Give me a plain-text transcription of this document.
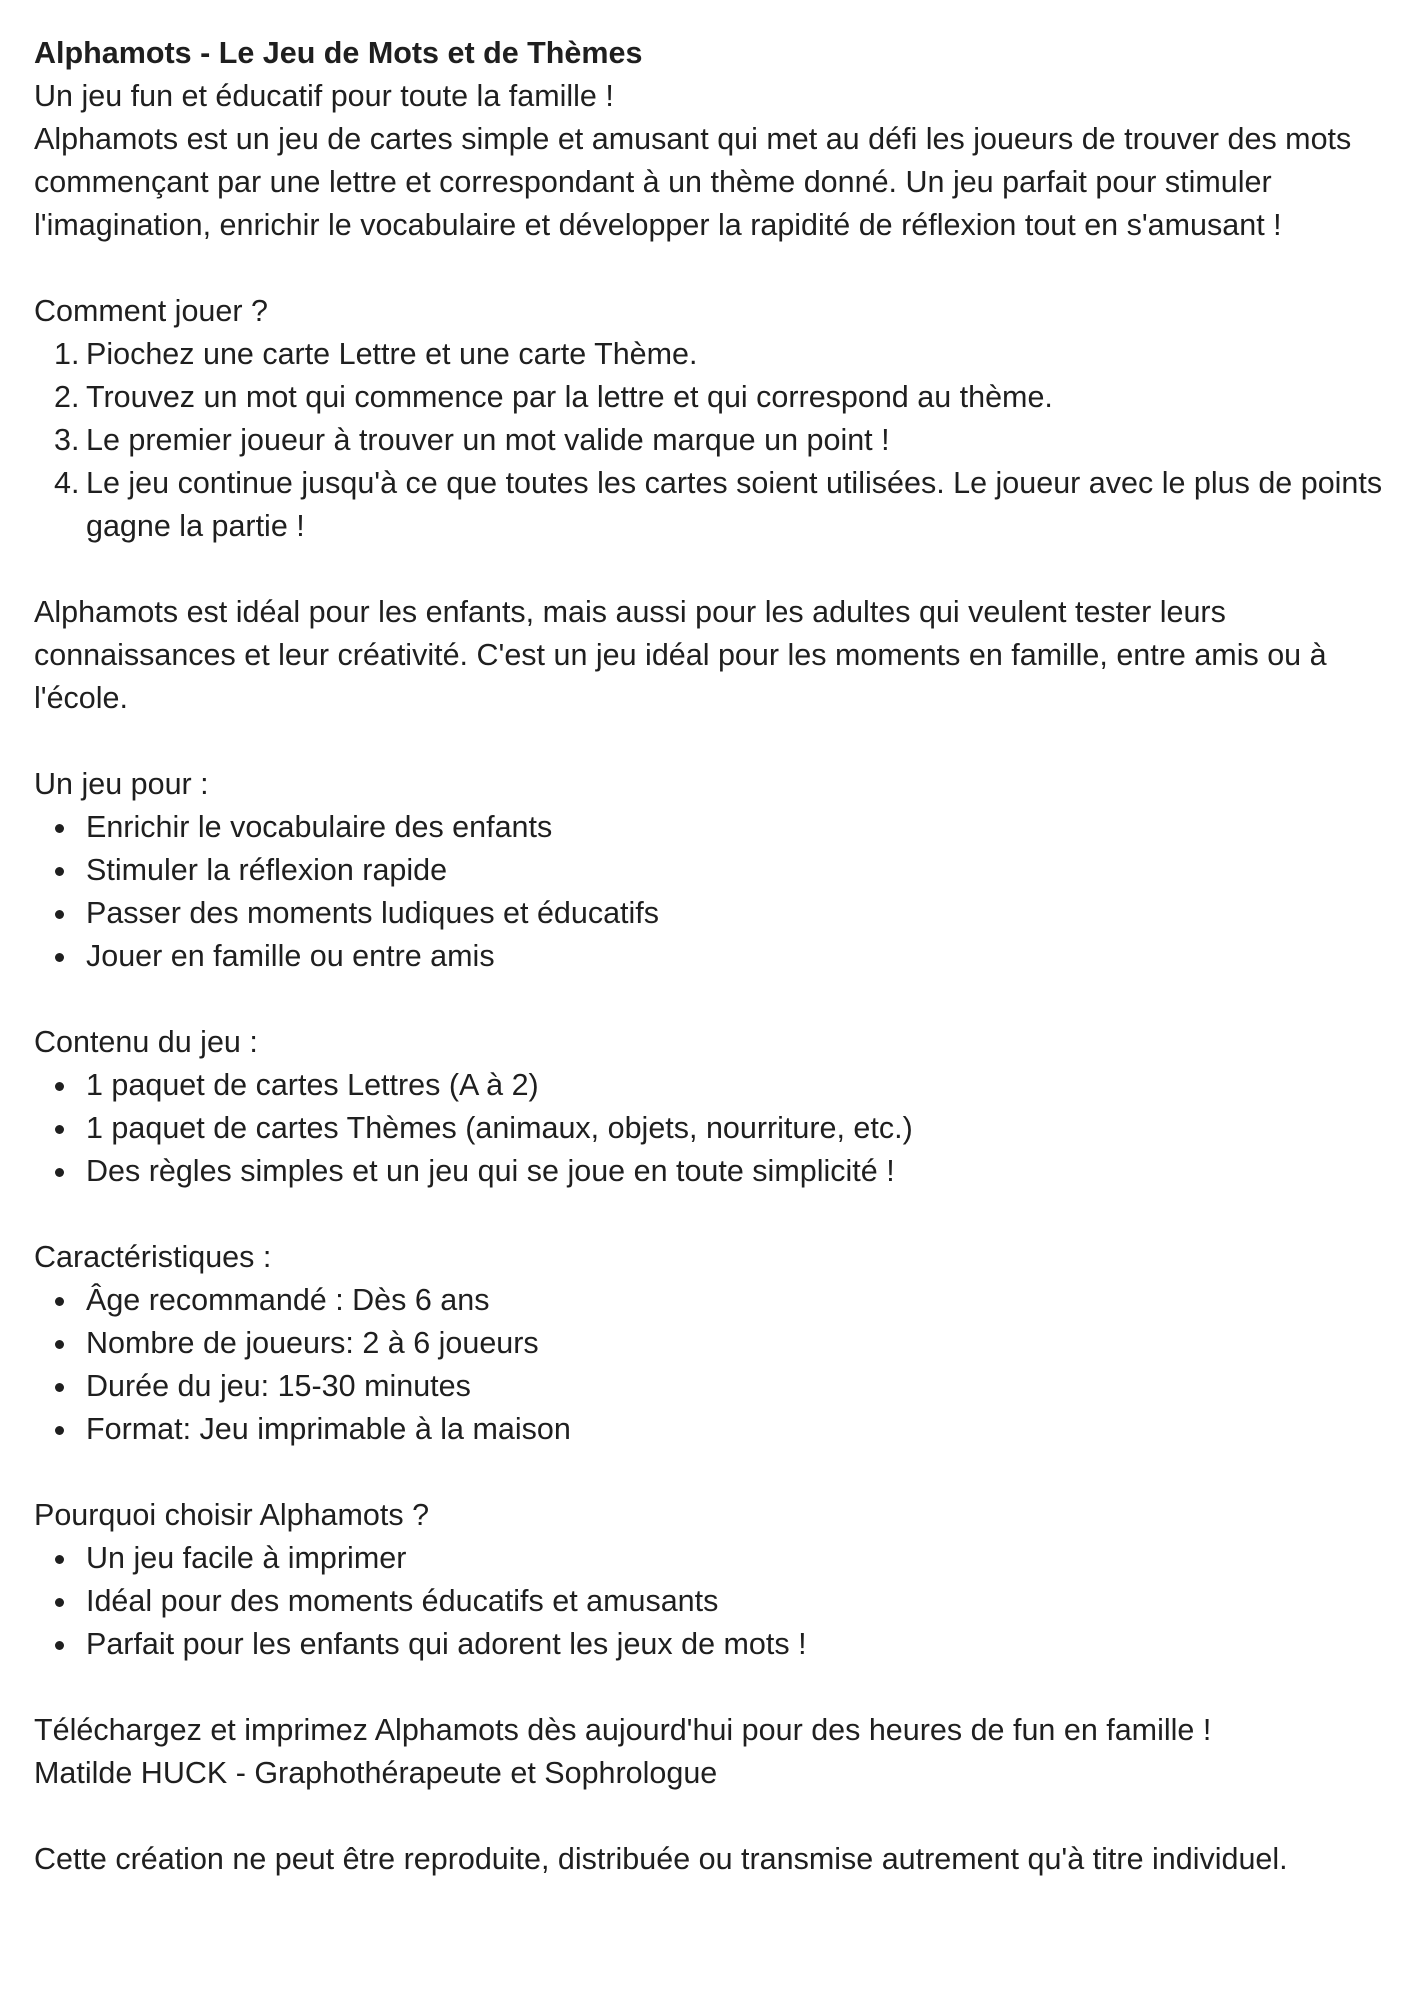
Alphamots - Le Jeu de Mots et de Thèmes

Un jeu fun et éducatif pour toute la famille !

Alphamots est un jeu de cartes simple et amusant qui met au défi les joueurs de trouver des mots commençant par une lettre et correspondant à un thème donné. Un jeu parfait pour stimuler l'imagination, enrichir le vocabulaire et développer la rapidité de réflexion tout en s'amusant !

Comment jouer ?

1. Piochez une carte Lettre et une carte Thème.
2. Trouvez un mot qui commence par la lettre et qui correspond au thème.
3. Le premier joueur à trouver un mot valide marque un point !
4. Le jeu continue jusqu'à ce que toutes les cartes soient utilisées. Le joueur avec le plus de points gagne la partie !

Alphamots est idéal pour les enfants, mais aussi pour les adultes qui veulent tester leurs connaissances et leur créativité. C'est un jeu idéal pour les moments en famille, entre amis ou à l'école.

Un jeu pour :

Enrichir le vocabulaire des enfants
Stimuler la réflexion rapide
Passer des moments ludiques et éducatifs
Jouer en famille ou entre amis

Contenu du jeu :

1 paquet de cartes Lettres (A à 2)
1 paquet de cartes Thèmes (animaux, objets, nourriture, etc.)
Des règles simples et un jeu qui se joue en toute simplicité !

Caractéristiques :

Âge recommandé : Dès 6 ans
Nombre de joueurs: 2 à 6 joueurs
Durée du jeu: 15-30 minutes
Format: Jeu imprimable à la maison

Pourquoi choisir Alphamots ?

Un jeu facile à imprimer
Idéal pour des moments éducatifs et amusants
Parfait pour les enfants qui adorent les jeux de mots !

Téléchargez et imprimez Alphamots dès aujourd'hui pour des heures de fun en famille !

Matilde HUCK - Graphothérapeute et Sophrologue

Cette création ne peut être reproduite, distribuée ou transmise autrement qu'à titre individuel.
